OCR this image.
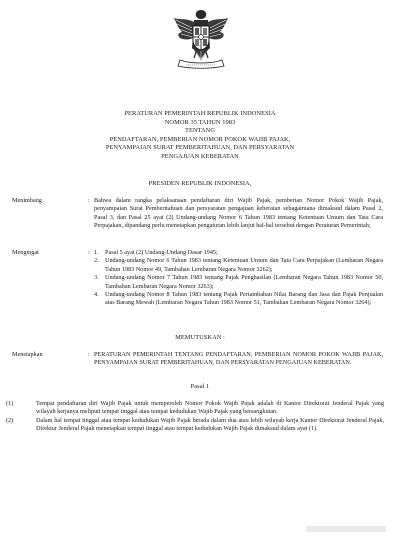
PERATURAN PEMERINTAH REPUBLIK INDONESIA
NOMOR 35 TAHUN 1983
TENTANG
PENDAFTARAN, PEMBERIAN NOMOR POKOK WAJIB PAJAK,
PENYAMPAIAN SURAT PEMBERITAHUAN, DAN PERSYARATAN
PENGAJUAN KEBERATAN
PRESIDEN REPUBLIK INDONESIA,
Menimbang	: Bahwa dalam rangka pelaksanaan pendaftaran diri Wajib Pajak, pemberian Nomor Pokok Wajib Pajak, penyampaian Surat Pemberitahuan dan persyaratan pengajuan keberatan sebagaimana dimaksud dalam Pasal 2, Pasal 3, dan Pasal 25 ayat (2) Undang-undang Nomor 6 Tahun 1983 tentang Ketentuan Umum dan Tata Cara Perpajakan, dipandang perlu menetapkan pengaturan lebih lanjut hal-hal tersebut dengan Peraturan Pemerintah;
Mengingat	: 1. Pasal 5 ayat (2) Undang-Undang Dasar 1945;
2. Undang-undang Nomor 6 Tahun 1983 tentang Ketentuan Umum dan Tata Cara Perpajakan (Lembaran Negara Tahun 1983 Nomor 49, Tambahan Lembaran Negara Nomor 3262);
3. Undang-undang Nomor 7 Tahun 1983 tentang Pajak Penghasilan (Lembaran Negara Tahun 1983 Nomor 50, Tambahan Lembaran Negara Nomor 3263);
4. Undang-undang Nomor 8 Tahun 1983 tentang Pajak Pertambahan Nilai Barang dan Jasa dan Pajak Penjualan atas Barang Mewah (Lembaran Negara Tahun 1983 Nomor 51, Tambahan Lembaran Negara Nomor 3264);
MEMUTUSKAN :
Menetapkan	: PERATURAN PEMERINTAH TENTANG PENDAFTARAN, PEMBERIAN NOMOR POKOK WAJIB PAJAK, PENYAMPAIAN SURAT PEMBERITAHUAN, DAN PERSYARATAN PENGAJUAN KEBERATAN.
Pasal 1
(1)	Tempat pendaftaran diri Wajib Pajak untuk memperoleh Nomor Pokok Wajib Pajak adalah di Kantor Direktorat Jenderal Pajak yang wilayah kerjanya meliputi tempat tinggal atau tempat kedudukan Wajib Pajak yang bersangkutan.
(2)	Dalam hal tempat tinggal atau tempat kedudukan Wajib Pajak berada dalam dua atau lebih wilayah kerja Kantor Direktorat Jenderal Pajak, Direktur Jenderal Pajak menetapkan tempat tinggal atau tempat kedudukan Wajib Pajak dimaksud dalam ayat (1).
